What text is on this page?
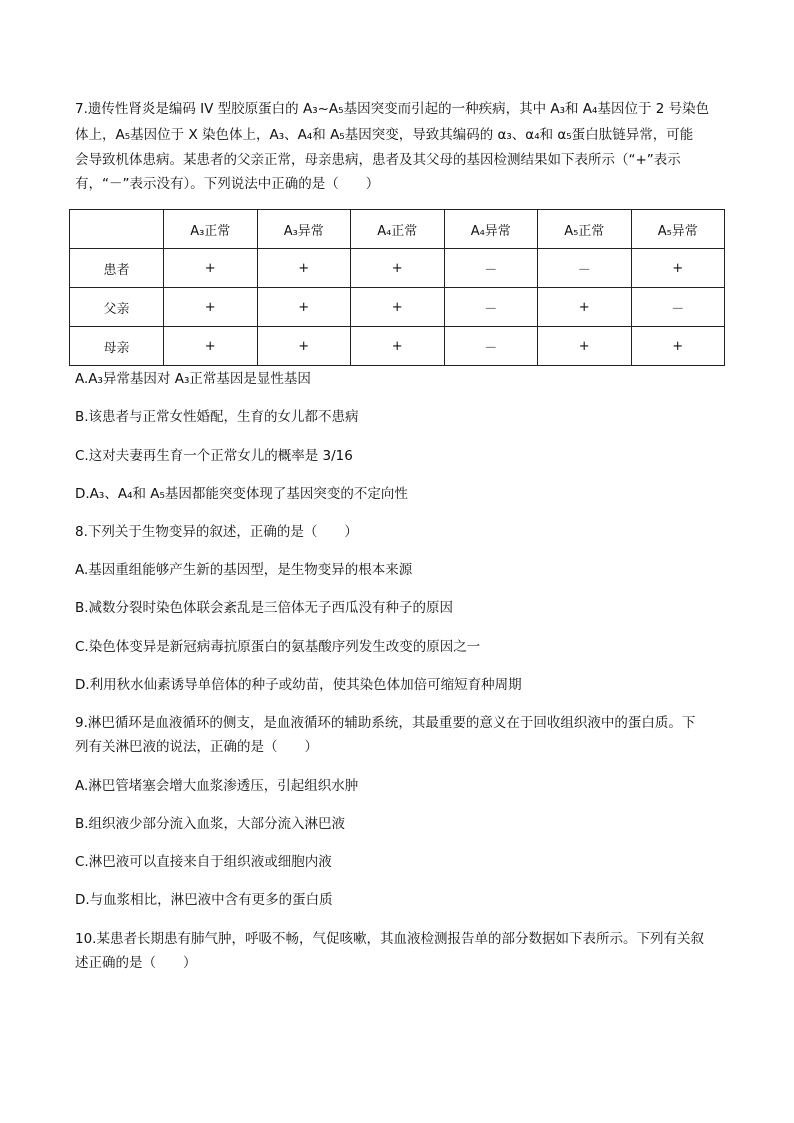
7.遗传性肾炎是编码 IV 型胶原蛋白的 A₃~A₅基因突变而引起的一种疾病，其中 A₃和 A₄基因位于 2 号染色

体上，A₅基因位于 X 染色体上，A₃、A₄和 A₅基因突变，导致其编码的 α₃、α₄和 α₅蛋白肽链异常，可能

会导致机体患病。某患者的父亲正常，母亲患病，患者及其父母的基因检测结果如下表所示（“+”表示

有，“－”表示没有）。下列说法中正确的是（　　）

	A₃正常	A₃异常	A₄正常	A₄异常	A₅正常	A₅异常
患者	+	+	+	－	－	+
父亲	+	+	+	－	+	－
母亲	+	+	+	－	+	+

A.A₃异常基因对 A₃正常基因是显性基因

B.该患者与正常女性婚配，生育的女儿都不患病

C.这对夫妻再生育一个正常女儿的概率是 3/16

D.A₃、A₄和 A₅基因都能突变体现了基因突变的不定向性

8.下列关于生物变异的叙述，正确的是（　　）

A.基因重组能够产生新的基因型，是生物变异的根本来源

B.减数分裂时染色体联会紊乱是三倍体无子西瓜没有种子的原因

C.染色体变异是新冠病毒抗原蛋白的氨基酸序列发生改变的原因之一

D.利用秋水仙素诱导单倍体的种子或幼苗，使其染色体加倍可缩短育种周期

9.淋巴循环是血液循环的侧支，是血液循环的辅助系统，其最重要的意义在于回收组织液中的蛋白质。下

列有关淋巴液的说法，正确的是（　　）

A.淋巴管堵塞会增大血浆渗透压，引起组织水肿

B.组织液少部分流入血浆，大部分流入淋巴液

C.淋巴液可以直接来自于组织液或细胞内液

D.与血浆相比，淋巴液中含有更多的蛋白质

10.某患者长期患有肺气肿，呼吸不畅，气促咳嗽，其血液检测报告单的部分数据如下表所示。下列有关叙

述正确的是（　　）
